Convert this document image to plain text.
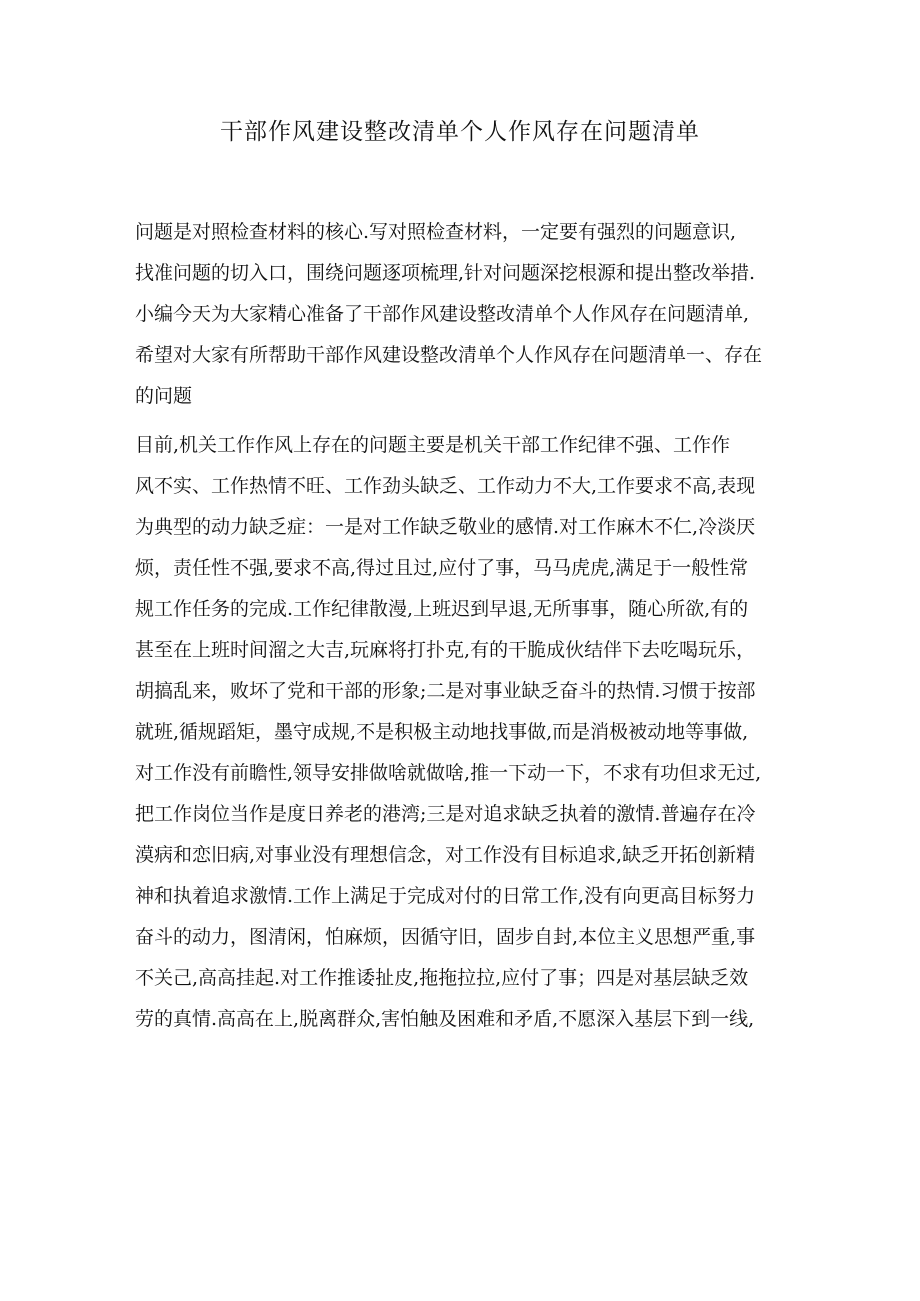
干部作风建设整改清单个人作风存在问题清单

问题是对照检查材料的核心.写对照检查材料，一定要有强烈的问题意识,
找准问题的切入口，围绕问题逐项梳理,针对问题深挖根源和提出整改举措.
小编今天为大家精心准备了干部作风建设整改清单个人作风存在问题清单,
希望对大家有所帮助干部作风建设整改清单个人作风存在问题清单一、存在
的问题

目前,机关工作作风上存在的问题主要是机关干部工作纪律不强、工作作
风不实、工作热情不旺、工作劲头缺乏、工作动力不大,工作要求不高,表现
为典型的动力缺乏症：一是对工作缺乏敬业的感情.对工作麻木不仁,冷淡厌
烦，责任性不强,要求不高,得过且过,应付了事，马马虎虎,满足于一般性常
规工作任务的完成.工作纪律散漫,上班迟到早退,无所事事，随心所欲,有的
甚至在上班时间溜之大吉,玩麻将打扑克,有的干脆成伙结伴下去吃喝玩乐，
胡搞乱来，败坏了党和干部的形象;二是对事业缺乏奋斗的热情.习惯于按部
就班,循规蹈矩，墨守成规,不是积极主动地找事做,而是消极被动地等事做,
对工作没有前瞻性,领导安排做啥就做啥,推一下动一下，不求有功但求无过,
把工作岗位当作是度日养老的港湾;三是对追求缺乏执着的激情.普遍存在冷
漠病和恋旧病,对事业没有理想信念，对工作没有目标追求,缺乏开拓创新精
神和执着追求激情.工作上满足于完成对付的日常工作,没有向更高目标努力
奋斗的动力，图清闲，怕麻烦，因循守旧，固步自封,本位主义思想严重,事
不关己,高高挂起.对工作推诿扯皮,拖拖拉拉,应付了事；四是对基层缺乏效
劳的真情.高高在上,脱离群众,害怕触及困难和矛盾,不愿深入基层下到一线,
